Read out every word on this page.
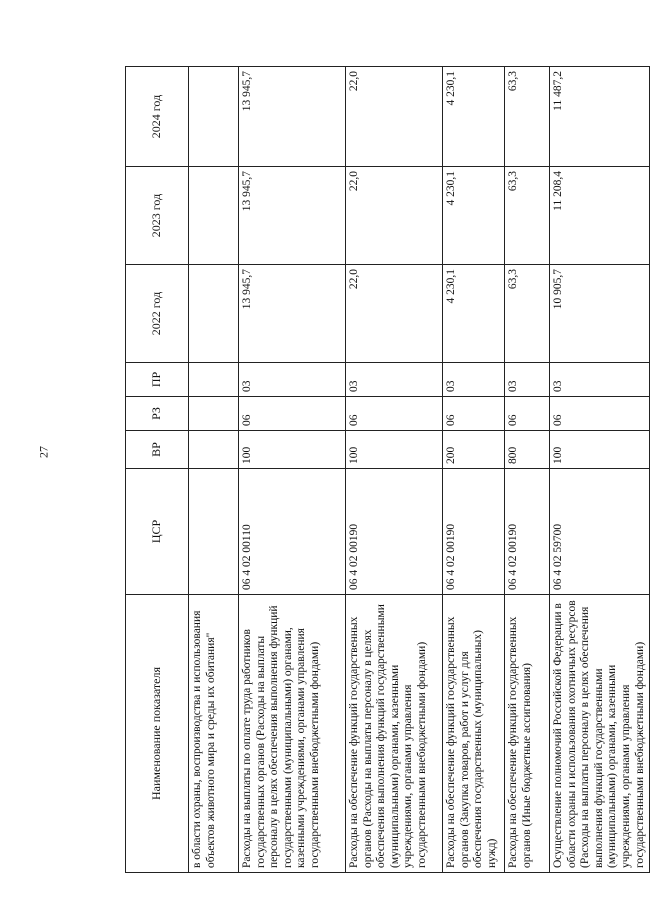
27
Наименование показателя	ЦСР	ВР	РЗ	ПР	2022 год	2023 год	2024 год
в области охраны, воспроизводства и использования объектов животного мира и среды их обитания"							
Расходы на выплаты по оплате труда работников государственных органов (Расходы на выплаты персоналу в целях обеспечения выполнения функций государственными (муниципальными) органами, казенными учреждениями, органами управления государственными внебюджетными фондами)	06 4 02 00110	100	06	03	13 945,7	13 945,7	13 945,7
Расходы на обеспечение функций государственных органов (Расходы на выплаты персоналу в целях обеспечения выполнения функций государственными (муниципальными) органами, казенными учреждениями, органами управления государственными внебюджетными фондами)	06 4 02 00190	100	06	03	22,0	22,0	22,0
Расходы на обеспечение функций государственных органов (Закупка товаров, работ и услуг для обеспечения государственных (муниципальных) нужд)	06 4 02 00190	200	06	03	4 230,1	4 230,1	4 230,1
Расходы на обеспечение функций государственных органов (Иные бюджетные ассигнования)	06 4 02 00190	800	06	03	63,3	63,3	63,3
Осуществление полномочий Российской Федерации в области охраны и использования охотничьих ресурсов (Расходы на выплаты персоналу в целях обеспечения выполнения функций государственными (муниципальными) органами, казенными учреждениями, органами управления государственными внебюджетными фондами)	06 4 02 59700	100	06	03	10 905,7	11 208,4	11 487,2
